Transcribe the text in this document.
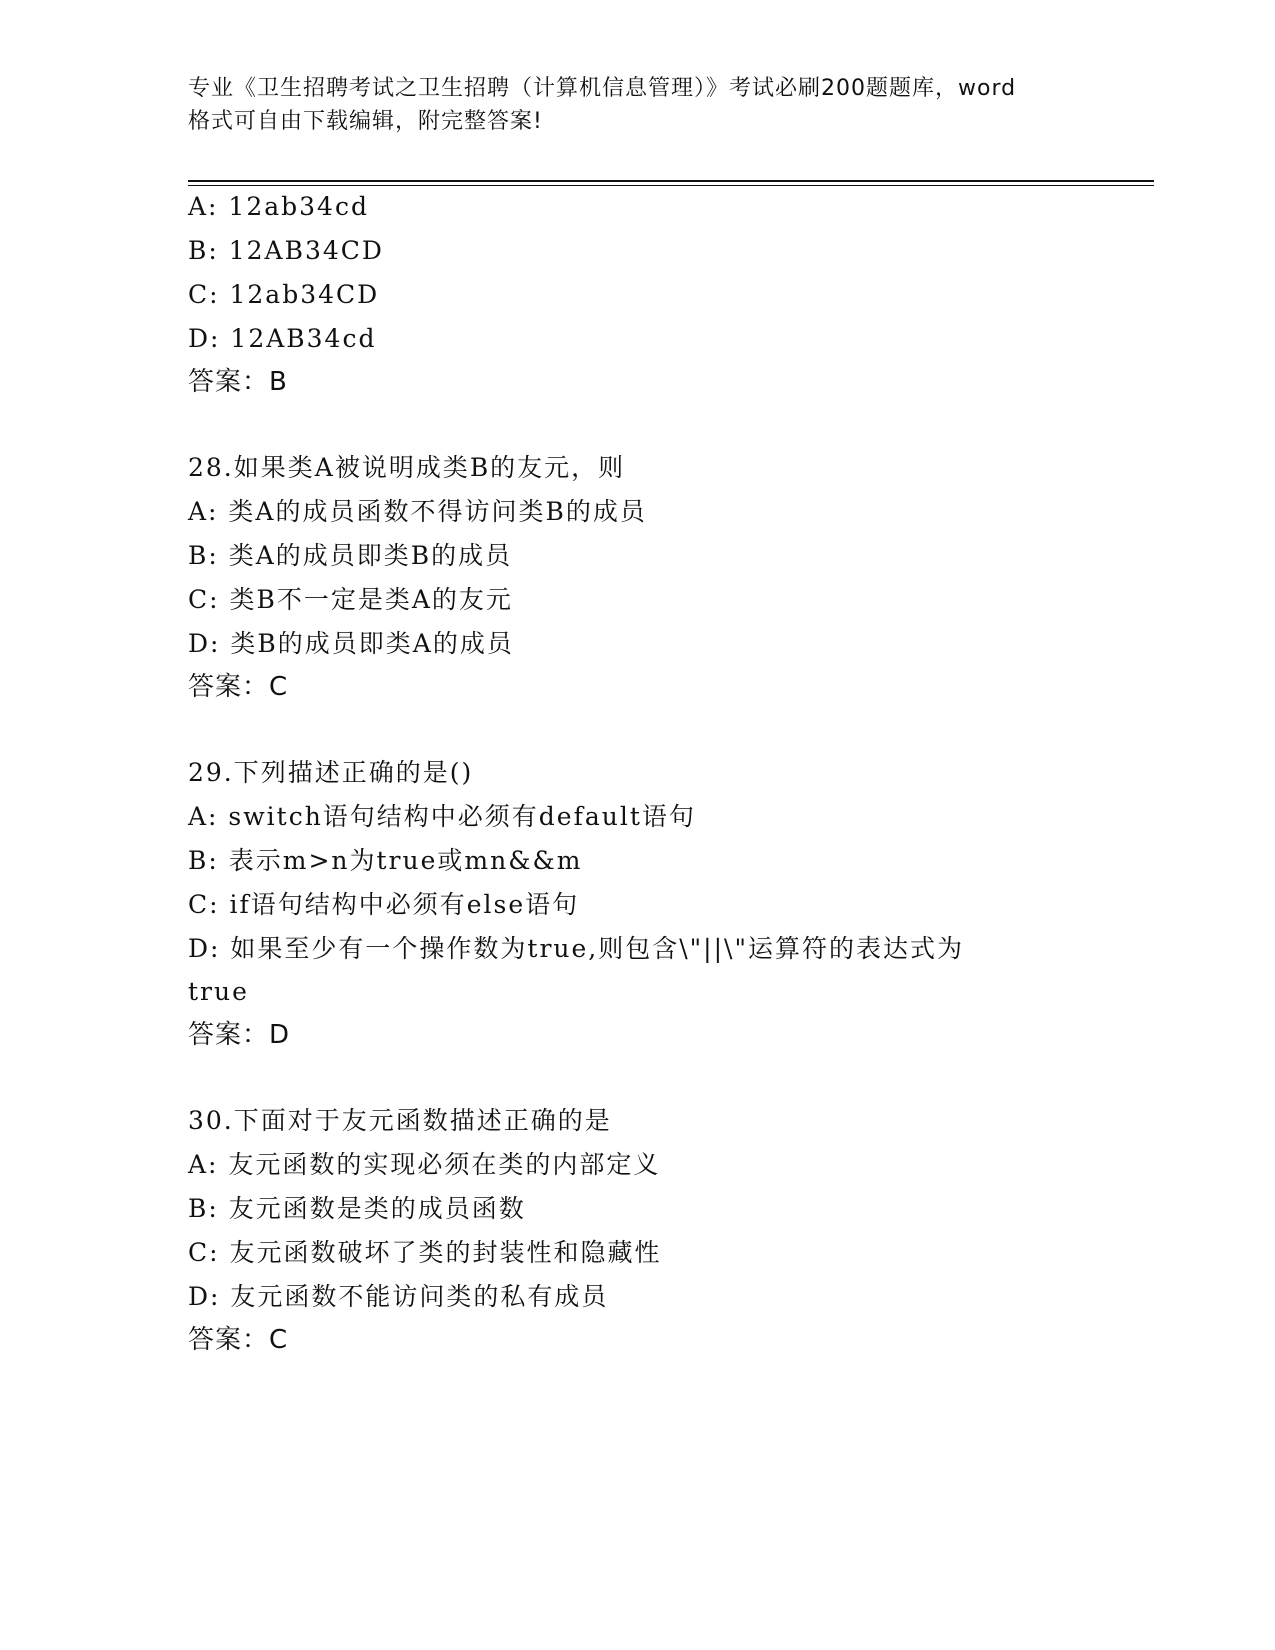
专业《卫生招聘考试之卫生招聘（计算机信息管理）》考试必刷200题题库，word
格式可自由下载编辑，附完整答案!
A: 12ab34cd
B: 12AB34CD
C: 12ab34CD
D: 12AB34cd
答案：B
28.如果类A被说明成类B的友元，则
A: 类A的成员函数不得访问类B的成员
B: 类A的成员即类B的成员
C: 类B不一定是类A的友元
D: 类B的成员即类A的成员
答案：C
29.下列描述正确的是()
A: switch语句结构中必须有default语句
B: 表示m>n为true或mn&&m
C: if语句结构中必须有else语句
D: 如果至少有一个操作数为true,则包含\"||\"运算符的表达式为
true
答案：D
30.下面对于友元函数描述正确的是
A: 友元函数的实现必须在类的内部定义
B: 友元函数是类的成员函数
C: 友元函数破坏了类的封装性和隐藏性
D: 友元函数不能访问类的私有成员
答案：C
